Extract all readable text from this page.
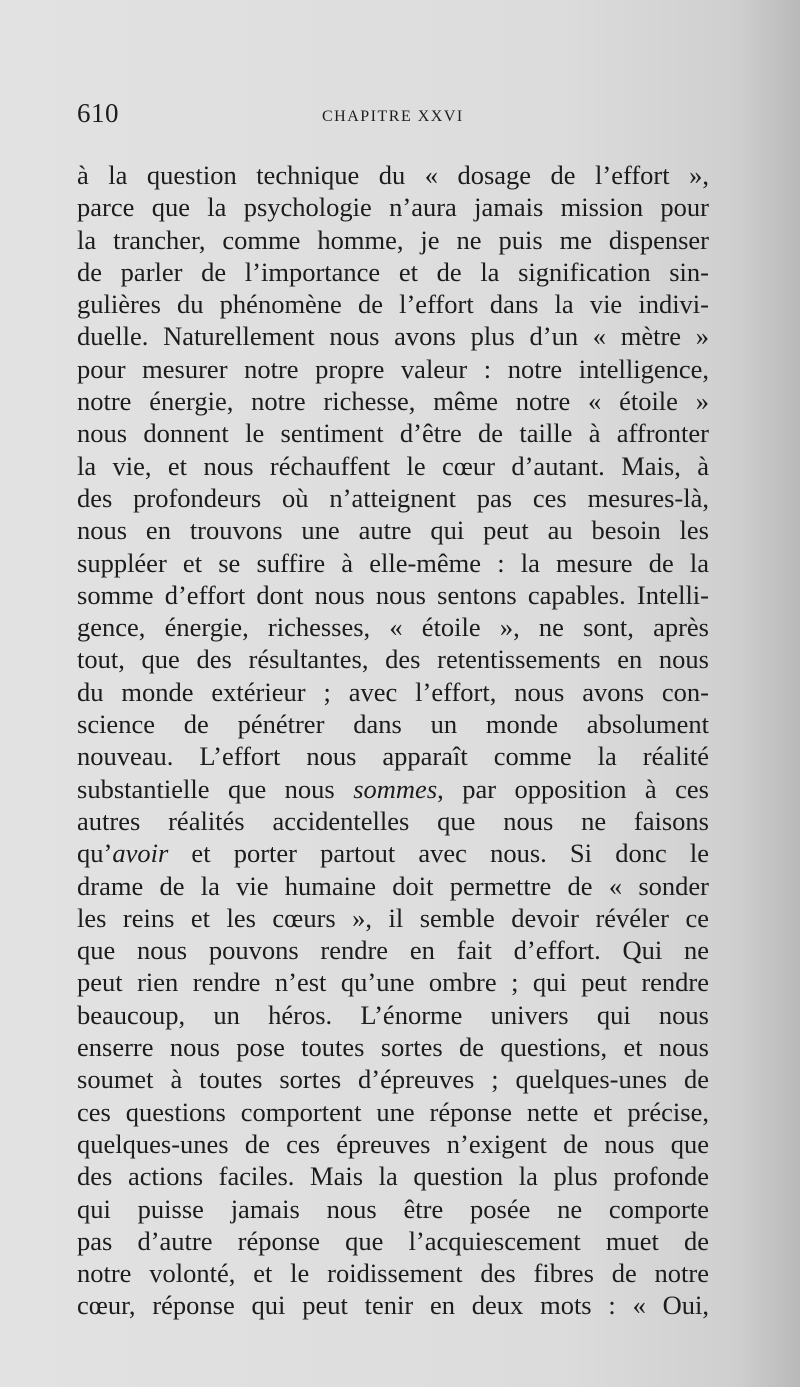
610	CHAPITRE XXVI
à la question technique du « dosage de l’effort »,
parce que la psychologie n’aura jamais mission pour
la trancher, comme homme, je ne puis me dispenser
de parler de l’importance et de la signification sin-
gulières du phénomène de l’effort dans la vie indivi-
duelle. Naturellement nous avons plus d’un « mètre »
pour mesurer notre propre valeur : notre intelligence,
notre énergie, notre richesse, même notre « étoile »
nous donnent le sentiment d’être de taille à affronter
la vie, et nous réchauffent le cœur d’autant. Mais, à
des profondeurs où n’atteignent pas ces mesures-là,
nous en trouvons une autre qui peut au besoin les
suppléer et se suffire à elle-même : la mesure de la
somme d’effort dont nous nous sentons capables. Intelli-
gence, énergie, richesses, « étoile », ne sont, après
tout, que des résultantes, des retentissements en nous
du monde extérieur ; avec l’effort, nous avons con-
science de pénétrer dans un monde absolument
nouveau. L’effort nous apparaît comme la réalité
substantielle que nous sommes, par opposition à ces
autres réalités accidentelles que nous ne faisons
qu’avoir et porter partout avec nous. Si donc le
drame de la vie humaine doit permettre de « sonder
les reins et les cœurs », il semble devoir révéler ce
que nous pouvons rendre en fait d’effort. Qui ne
peut rien rendre n’est qu’une ombre ; qui peut rendre
beaucoup, un héros. L’énorme univers qui nous
enserre nous pose toutes sortes de questions, et nous
soumet à toutes sortes d’épreuves ; quelques-unes de
ces questions comportent une réponse nette et précise,
quelques-unes de ces épreuves n’exigent de nous que
des actions faciles. Mais la question la plus profonde
qui puisse jamais nous être posée ne comporte
pas d’autre réponse que l’acquiescement muet de
notre volonté, et le roidissement des fibres de notre
cœur, réponse qui peut tenir en deux mots : « Oui,
